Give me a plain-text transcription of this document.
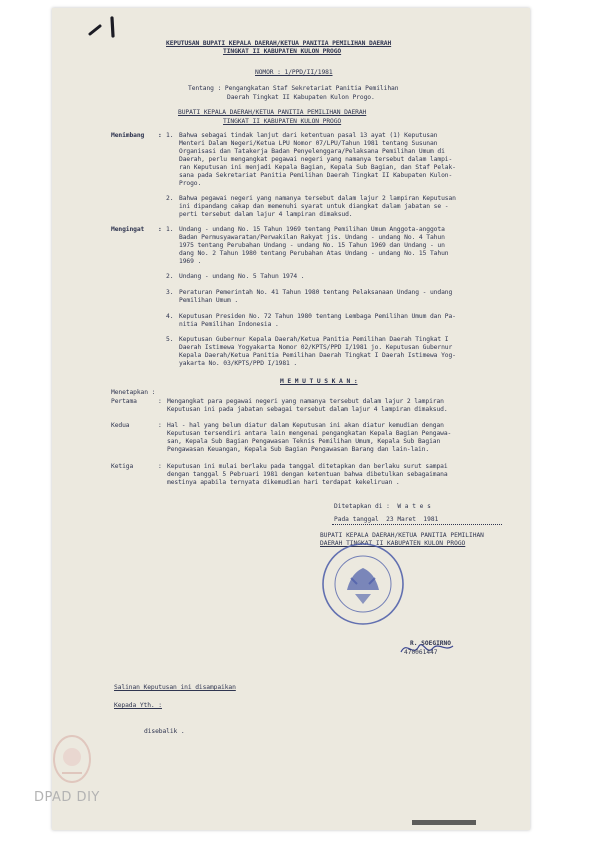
KEPUTUSAN BUPATI KEPALA DAERAH/KETUA PANITIA PEMILIHAN DAERAH
TINGKAT II KABUPATEN KULON PROGO
NOMOR : 1/PPD/II/1981
Tentang : Pengangkatan Staf Sekretariat Panitia Pemilihan
Daerah Tingkat II Kabupaten Kulon Progo.
BUPATI KEPALA DAERAH/KETUA PANITIA PEMILIHAN DAERAH
TINGKAT II KABUPATEN KULON PROGO
Menimbang : 1. Bahwa sebagai tindak lanjut dari ketentuan pasal 13 ayat (1) Keputusan
Menteri Dalam Negeri/Ketua LPU Nomor 07/LPU/Tahun 1981 tentang Susunan
Organisasi dan Tatakerja Badan Penyelenggara/Pelaksana Pemilihan Umum di
Daerah, perlu mengangkat pegawai negeri yang namanya tersebut dalam lampi-
ran Keputusan ini menjadi Kepala Bagian, Kepala Sub Bagian, dan Staf Pelak-
sana pada Sekretariat Panitia Pemilihan Daerah Tingkat II Kabupaten Kulon-
Progo.
2. Bahwa pegawai negeri yang namanya tersebut dalam lajur 2 lampiran Keputusan
ini dipandang cakap dan memenuhi syarat untuk diangkat dalam jabatan se -
perti tersebut dalam lajur 4 lampiran dimaksud.
Mengingat : 1. Undang - undang No. 15 Tahun 1969 tentang Pemilihan Umum Anggota-anggota
Badan Permusyawaratan/Perwakilan Rakyat jis. Undang - undang No. 4 Tahun
1975 tentang Perubahan Undang - undang No. 15 Tahun 1969 dan Undang - un
dang No. 2 Tahun 1980 tentang Perubahan Atas Undang - undang No. 15 Tahun
1969 .
2. Undang - undang No. 5 Tahun 1974 .
3. Peraturan Pemerintah No. 41 Tahun 1980 tentang Pelaksanaan Undang - undang
Pemilihan Umum .
4. Keputusan Presiden No. 72 Tahun 1980 tentang Lembaga Pemilihan Umum dan Pa-
nitia Pemilihan Indonesia .
5. Keputusan Gubernur Kepala Daerah/Ketua Panitia Pemilihan Daerah Tingkat I
Daerah Istimewa Yogyakarta Nomor 02/KPTS/PPD I/1981 jo. Keputusan Gubernur
Kepala Daerah/Ketua Panitia Pemilihan Daerah Tingkat I Daerah Istimewa Yog-
yakarta No. 03/KPTS/PPD I/1981 .
M E M U T U S K A N :
Menetapkan :
Pertama	: Mengangkat para pegawai negeri yang namanya tersebut dalam lajur 2 lampiran
Keputusan ini pada jabatan sebagai tersebut dalam lajur 4 lampiran dimaksud.
Kedua	: Hal - hal yang belum diatur dalam Keputusan ini akan diatur kemudian dengan
Keputusan tersendiri antara lain mengenai pengangkatan Kepala Bagian Pengawa-
san, Kepala Sub Bagian Pengawasan Teknis Pemilihan Umum, Kepala Sub Bagian
Pengawasan Keuangan, Kepala Sub Bagian Pengawasan Barang dan lain-lain.
Ketiga	: Keputusan ini mulai berlaku pada tanggal ditetapkan dan berlaku surut sampai
dengan tanggal 5 Pebruari 1981 dengan ketentuan bahwa dibetulkan sebagaimana
mestinya apabila ternyata dikemudian hari terdapat kekeliruan .
Ditetapkan di :  W a t e s
Pada tanggal  23 Maret  1981
BUPATI KEPALA DAERAH/KETUA PANITIA PEMILIHAN
DAERAH TINGKAT II KABUPATEN KULON PROGO
R. SOEGIRNO
470061447
Salinan Keputusan ini disampaikan
Kepada Yth. :
disebalik .
DPAD DIY
